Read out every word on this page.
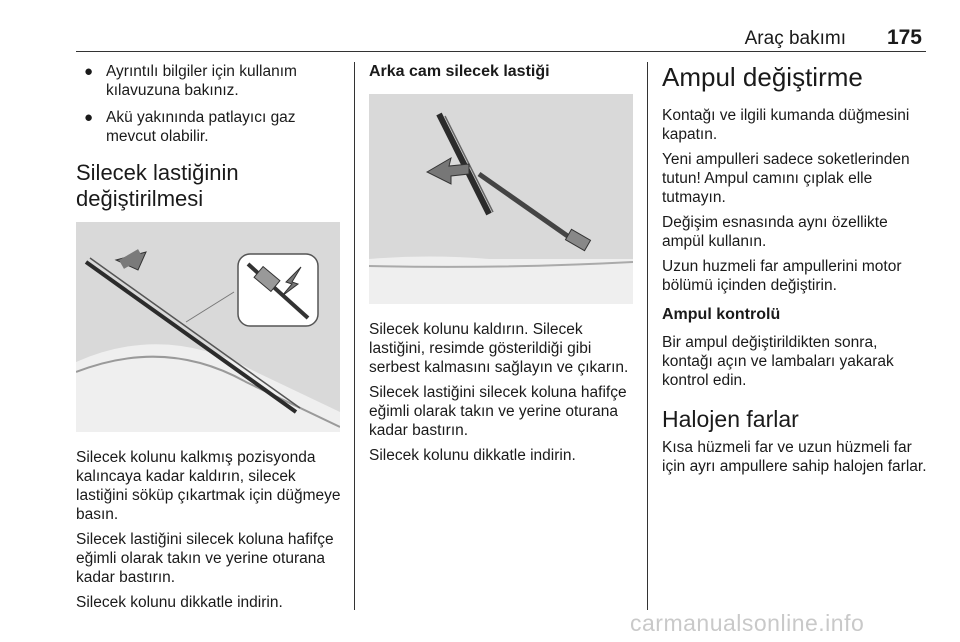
Araç bakımı 175
● Ayrıntılı bilgiler için kullanım kılavuzuna bakınız.
● Akü yakınında patlayıcı gaz mevcut olabilir.
Silecek lastiğinin değiştirilmesi

Silecek kolunu kalkmış pozisyonda kalıncaya kadar kaldırın, silecek lastiğini söküp çıkartmak için düğmeye basın.

Silecek lastiğini silecek koluna hafifçe eğimli olarak takın ve yerine oturana kadar bastırın.

Silecek kolunu dikkatle indirin.

Arka cam silecek lastiği

Silecek kolunu kaldırın. Silecek lastiğini, resimde gösterildiği gibi serbest kalmasını sağlayın ve çıkarın.

Silecek lastiğini silecek koluna hafifçe eğimli olarak takın ve yerine oturana kadar bastırın.

Silecek kolunu dikkatle indirin.

Ampul değiştirme

Kontağı ve ilgili kumanda düğmesini kapatın.

Yeni ampulleri sadece soketlerinden tutun! Ampul camını çıplak elle tutmayın.

Değişim esnasında aynı özellikte ampül kullanın.

Uzun huzmeli far ampullerini motor bölümü içinden değiştirin.

Ampul kontrolü

Bir ampul değiştirildikten sonra, kontağı açın ve lambaları yakarak kontrol edin.

Halojen farlar

Kısa hüzmeli far ve uzun hüzmeli far için ayrı ampullere sahip halojen farlar.

carmanualsonline.info
